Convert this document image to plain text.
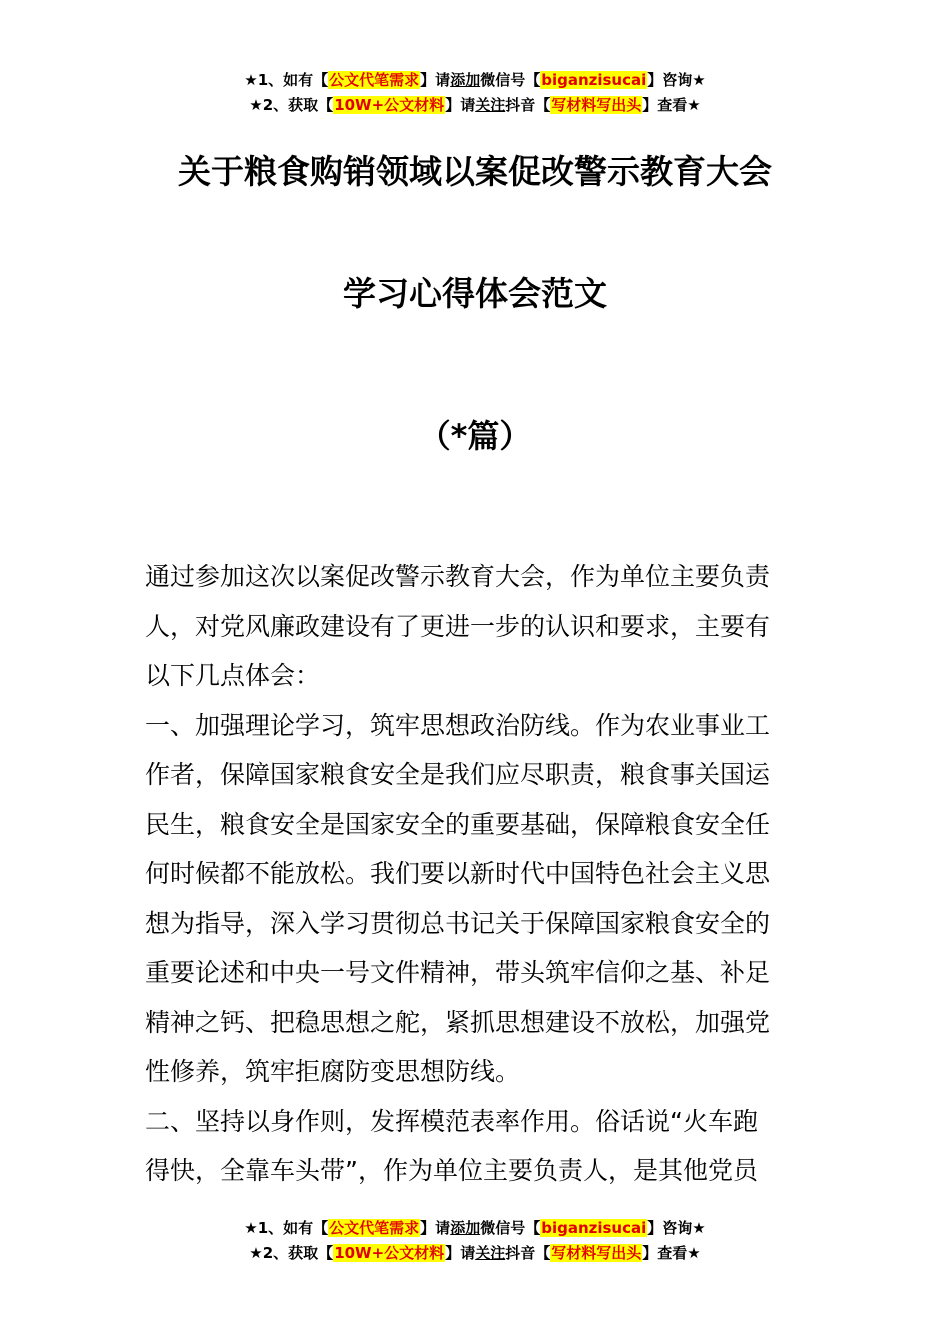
★1、如有【公文代笔需求】请添加微信号【biganzisucai】咨询★
★2、获取【10W+公文材料】请关注抖音【写材料写出头】查看★
关于粮食购销领域以案促改警示教育大会
学习心得体会范文
（*篇）
通过参加这次以案促改警示教育大会，作为单位主要负责
人，对党风廉政建设有了更进一步的认识和要求，主要有
以下几点体会：
一、加强理论学习，筑牢思想政治防线。作为农业事业工
作者，保障国家粮食安全是我们应尽职责，粮食事关国运
民生，粮食安全是国家安全的重要基础，保障粮食安全任
何时候都不能放松。我们要以新时代中国特色社会主义思
想为指导，深入学习贯彻总书记关于保障国家粮食安全的
重要论述和中央一号文件精神，带头筑牢信仰之基、补足
精神之钙、把稳思想之舵，紧抓思想建设不放松，加强党
性修养，筑牢拒腐防变思想防线。
二、坚持以身作则，发挥模范表率作用。俗话说“火车跑
得快，全靠车头带”，作为单位主要负责人，是其他党员
★1、如有【公文代笔需求】请添加微信号【biganzisucai】咨询★
★2、获取【10W+公文材料】请关注抖音【写材料写出头】查看★
